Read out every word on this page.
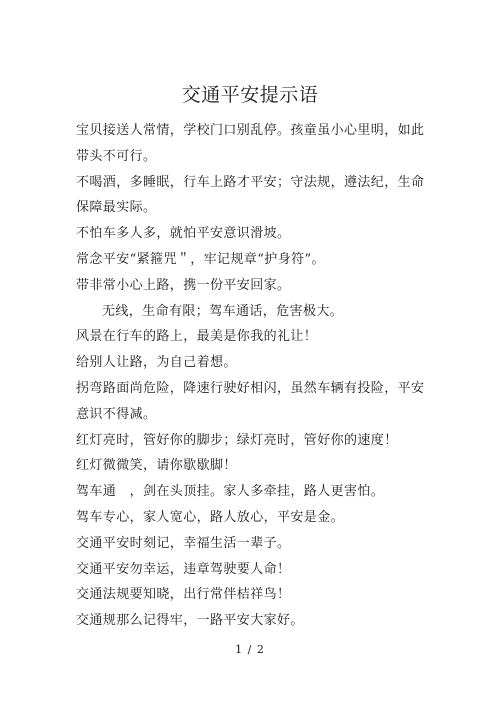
交通平安提示语

宝贝接送人常情，学校门口别乱停。孩童虽小心里明，如此带头不可行。

不喝酒，多睡眠，行车上路才平安；守法规，遵法纪，生命保障最实际。

不怕车多人多，就怕平安意识滑坡。

常念平安“紧箍咒＂，牢记规章“护身符”。

带非常小心上路，携一份平安回家。

无线，生命有限；驾车通话，危害极大。

风景在行车的路上，最美是你我的礼让！

给别人让路，为自己着想。

拐弯路面尚危险，降速行驶好相闪，虽然车辆有投险，平安意识不得减。

红灯亮时，管好你的脚步；绿灯亮时，管好你的速度！

红灯微微笑，请你歇歇脚！

驾车通　，剑在头顶挂。家人多牵挂，路人更害怕。

驾车专心，家人宽心，路人放心，平安是金。

交通平安时刻记，幸福生活一辈子。

交通平安勿幸运，违章驾驶要人命！

交通法规要知晓，出行常伴桔祥鸟！

交通规那么记得牢，一路平安大家好。

1 / 2
